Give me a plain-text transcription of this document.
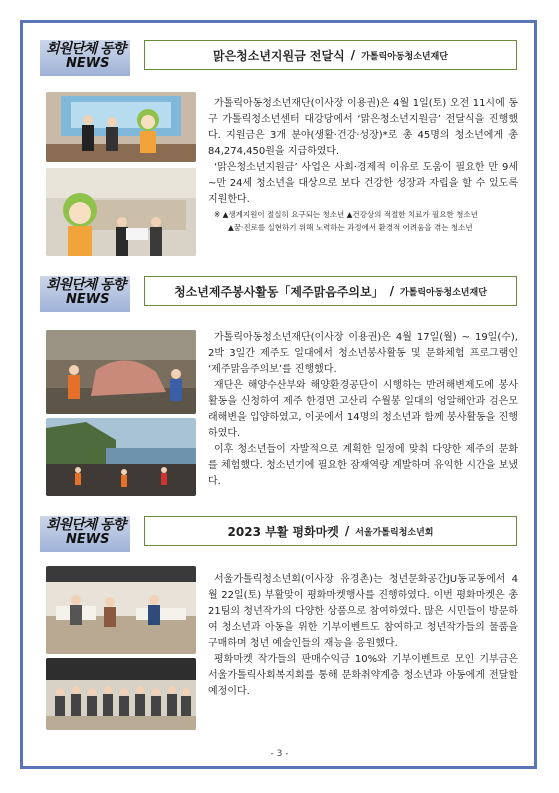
회원단체 동향
NEWS
맑은청소년지원금 전달식 / 가톨릭아동청소년재단

가톨릭아동청소년재단(이사장 이용권)은 4월 1일(토) 오전 11시에 동구 가톨릭청소년센터 대강당에서 ‘맑은청소년지원금’ 전달식을 진행했다. 지원금은 3개 분야(생활·건강·성장)*로 총 45명의 청소년에게 총 84,274,450원을 지급하였다.

‘맑은청소년지원금’ 사업은 사회·경제적 이유로 도움이 필요한 만 9세~만 24세 청소년을 대상으로 보다 건강한 성장과 자립을 할 수 있도록 지원한다.

※ ▲생계지원이 절실히 요구되는 청소년 ▲건강상의 적절한 치료가 필요한 청소년

▲꿈·진로를 실현하기 위해 노력하는 과정에서 환경적 어려움을 겪는 청소년

회원단체 동향
NEWS
청소년제주봉사활동「제주맑음주의보」 / 가톨릭아동청소년재단

가톨릭아동청소년재단(이사장 이용권)은 4월 17일(월) ~ 19일(수), 2박 3일간 제주도 일대에서 청소년봉사활동 및 문화체험 프로그램인 ‘제주맑음주의보’를 진행했다.

재단은 해양수산부와 해양환경공단이 시행하는 반려해변제도에 봉사활동을 신청하여 제주 한경면 고산리 수월봉 일대의 엉알해안과 검은모래해변을 입양하였고, 이곳에서 14명의 청소년과 함께 봉사활동을 진행하였다.

이후 청소년들이 자발적으로 계획한 일정에 맞춰 다양한 제주의 문화를 체험했다. 청소년기에 필요한 잠재역량 계발하며 유익한 시간을 보냈다.

회원단체 동향
NEWS
2023 부활 평화마켓 / 서울가톨릭청소년회

서울가톨릭청소년회(이사장 유경촌)는 청년문화공간JU동교동에서 4월 22일(토) 부활맞이 평화마켓행사를 진행하였다. 이번 평화마켓은 총 21팀의 청년작가의 다양한 상품으로 참여하였다. 많은 시민들이 방문하여 청소년과 아동을 위한 기부이벤트도 참여하고 청년작가들의 물품을 구매하며 청년 예술인들의 재능을 응원했다.

평화마켓 작가들의 판매수익금 10%와 기부이벤트로 모인 기부금은 서울가톨릭사회복지회를 통해 문화취약계층 청소년과 아동에게 전달할 예정이다.

- 3 -
